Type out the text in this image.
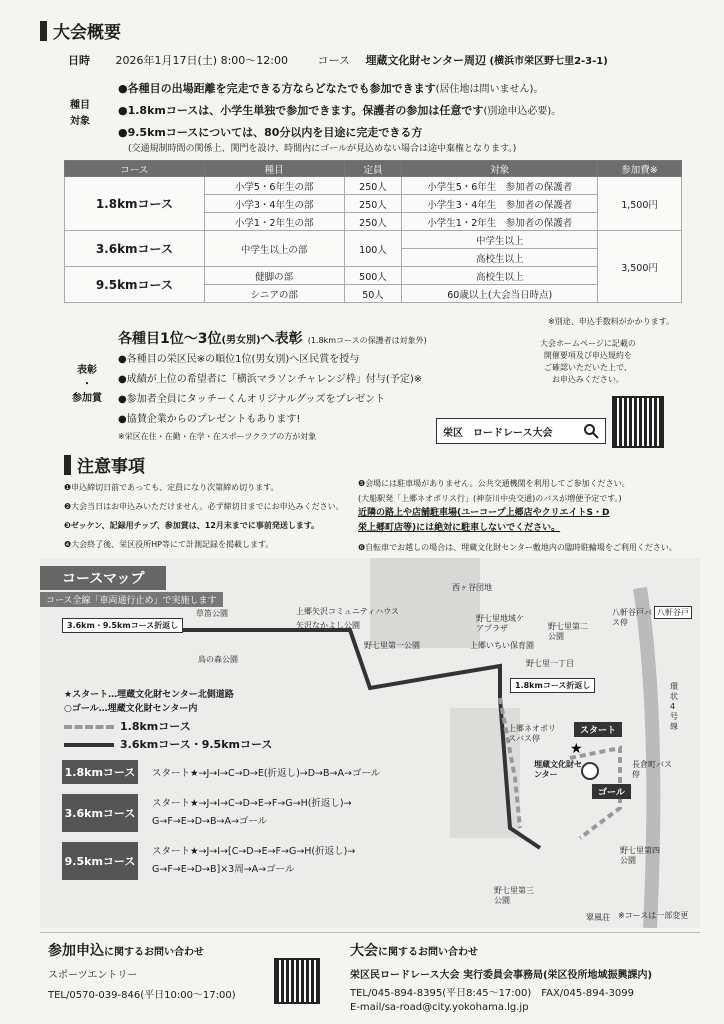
大会概要
日時 2026年1月17日(土) 8:00〜12:00	コース 埋蔵文化財センター周辺 (横浜市栄区野七里2-3-1)
種目
対象
●各種目の出場距離を完走できる方ならどなたでも参加できます(居住地は問いません)。
●1.8kmコースは、小学生単独で参加できます。保護者の参加は任意です(別途申込必要)。
●9.5kmコースについては、80分以内を目途に完走できる方
(交通規制時間の関係上、関門を設け、時間内にゴールが見込めない場合は途中棄権となります。)
コース	種目	定員	対象	参加費※
1.8kmコース	小学5・6年生の部	250人	小学生5・6年生　参加者の保護者	1,500円
	小学3・4年生の部	250人	小学生3・4年生　参加者の保護者	
	小学1・2年生の部	250人	小学生1・2年生　参加者の保護者	
3.6kmコース	中学生以上の部	100人	中学生以上	3,500円
			高校生以上	
9.5kmコース	健脚の部	500人	高校生以上	
	シニアの部	50人	60歳以上(大会当日時点)	
※別途、申込手数料がかかります。
表彰
・
参加賞
各種目1位〜3位(男女別)へ表彰 (1.8kmコースの保護者は対象外)
●各種目の栄区民※の順位1位(男女別)へ区民賞を授与
●成績が上位の希望者に「横浜マラソンチャレンジ枠」付与(予定)※
●参加者全員にタッチーくんオリジナルグッズをプレゼント
●協賛企業からのプレゼントもあります!
※栄区在住・在勤・在学・在スポーツクラブの方が対象
大会ホームページに記載の
開催要項及び申込規約を
ご確認いただいた上で、
お申込みください。
栄区　ロードレース大会
注意事項
❶申込締切日前であっても、定員になり次第締め切ります。
❷大会当日はお申込みいただけません。必ず締切日までにお申込みください。
❸ゼッケン、記録用チップ、参加賞は、12月末までに事前発送します。
❹大会終了後、栄区役所HP等にて計測記録を掲載します。
❺会場には駐車場がありません。公共交通機関を利用してご参加ください。
(大船駅発「上郷ネオポリス行」(神奈川中央交通)のバスが増便予定です。)
近隣の路上や店舗駐車場(ユーコープ上郷店やクリエイトS・D
栄上郷町店等)には絶対に駐車しないでください。
❻自転車でお越しの場合は、埋蔵文化財センター敷地内の臨時駐輪場をご利用ください。
★
コースマップ
コース全線「車両通行止め」で実施します
3.6km・9.5kmコース折返し
1.8kmコース折返し
草笛公園
鳥の森公園
上郷矢沢コミュニティハウス
矢沢なかよし公園
西ヶ谷団地
野七里第一公園
野七里地域ケアプラザ
上郷いちい保育園
野七里第二公園
野七里一丁目
八軒谷戸バス停
八軒谷戸
環状4号線
上郷ネオポリスバス停
埋蔵文化財センター
長倉町バス停
野七里第四公園
野七里第三公園
翠風荘
スタート
ゴール
※コースは一部変更
★スタート…埋蔵文化財センター北側道路
○ゴール…埋蔵文化財センター内
1.8kmコース
3.6kmコース・9.5kmコース
1.8kmコース スタート★→J→I→C→D→E(折返し)→D→B→A→ゴール
3.6kmコース
スタート★→J→I→C→D→E→F→G→H(折返し)→
G→F→E→D→B→A→ゴール
9.5kmコース
スタート★→J→I→[C→D→E→F→G→H(折返し)→
G→F→E→D→B]×3周→A→ゴール
参加申込に関するお問い合わせ
スポーツエントリー
TEL/0570-039-846(平日10:00〜17:00)
大会に関するお問い合わせ
栄区民ロードレース大会 実行委員会事務局(栄区役所地域振興課内)
TEL/045-894-8395(平日8:45〜17:00)　FAX/045-894-3099
E-mail/sa-road@city.yokohama.lg.jp
